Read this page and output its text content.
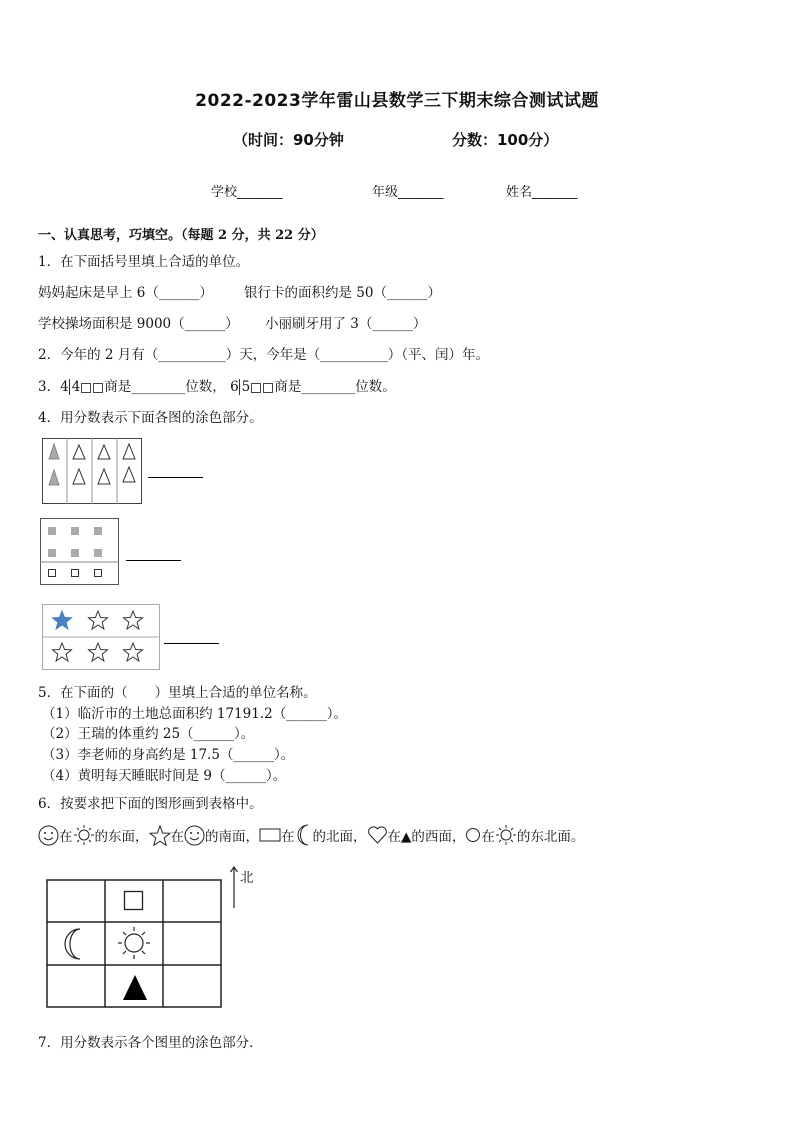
2022-2023学年雷山县数学三下期末综合测试试题
（时间：90分钟	分数：100分）
学校_______	年级_______	姓名_______
一、认真思考，巧填空。（每题 2 分，共 22 分）
1．在下面括号里填上合适的单位。
妈妈起床是早上 6（______） 银行卡的面积约是 50（______）
学校操场面积是 9000（______） 小丽刷牙用了 3（______）
2．今年的 2 月有（__________）天，今年是（__________）（平、闰）年。
3．4 4 商是________位数， 6 5 商是________位数。
4．用分数表示下面各图的涂色部分。
5．在下面的（　　）里填上合适的单位名称。
（1）临沂市的土地总面积约 17191.2（______）。
（2）王瑞的体重约 25（______）。
（3）李老师的身高约是 17.5（______）。
（4）黄明每天睡眠时间是 9（______）。
6．按要求把下面的图形画到表格中。
在 的东面， 在 的南面， 在 的北面， 在▲的西面， 在 的东北面。
北
7．用分数表示各个图里的涂色部分．
